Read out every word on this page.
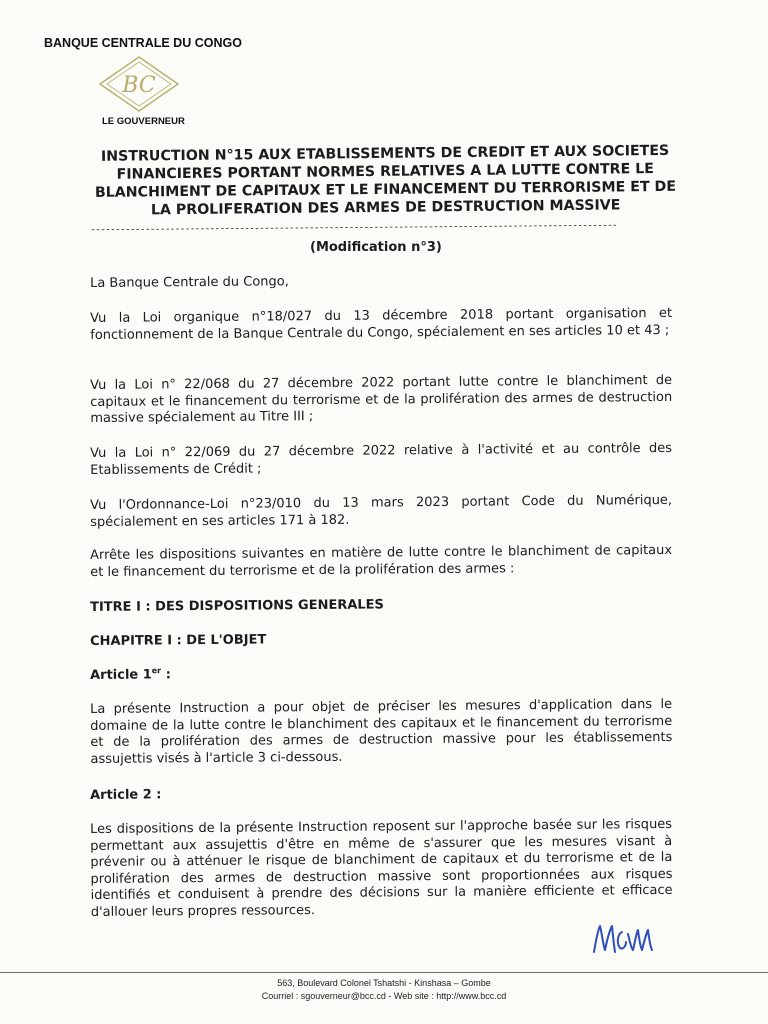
BANQUE CENTRALE DU CONGO
BC
LE GOUVERNEUR
INSTRUCTION N°15 AUX ETABLISSEMENTS DE CREDIT ET AUX SOCIETES FINANCIERES PORTANT NORMES RELATIVES A LA LUTTE CONTRE LE BLANCHIMENT DE CAPITAUX ET LE FINANCEMENT DU TERRORISME ET DE LA PROLIFERATION DES ARMES DE DESTRUCTION MASSIVE
----------------------------------------------------------------------------------------------------------
(Modification n°3)
La Banque Centrale du Congo,
Vu la Loi organique n°18/027 du 13 décembre 2018 portant organisation et fonctionnement de la Banque Centrale du Congo, spécialement en ses articles 10 et 43 ;
Vu la Loi n° 22/068 du 27 décembre 2022 portant lutte contre le blanchiment de capitaux et le financement du terrorisme et de la prolifération des armes de destruction massive spécialement au Titre III ;
Vu la Loi n° 22/069 du 27 décembre 2022 relative à l'activité et au contrôle des Etablissements de Crédit ;
Vu l'Ordonnance-Loi n°23/010 du 13 mars 2023 portant Code du Numérique, spécialement en ses articles 171 à 182.
Arrête les dispositions suivantes en matière de lutte contre le blanchiment de capitaux et le financement du terrorisme et de la prolifération des armes :
TITRE I : DES DISPOSITIONS GENERALES
CHAPITRE I : DE L'OBJET
Article 1er :
La présente Instruction a pour objet de préciser les mesures d'application dans le domaine de la lutte contre le blanchiment des capitaux et le financement du terrorisme et de la prolifération des armes de destruction massive pour les établissements assujettis visés à l'article 3 ci-dessous.
Article 2 :
Les dispositions de la présente Instruction reposent sur l'approche basée sur les risques permettant aux assujettis d'être en même de s'assurer que les mesures visant à prévenir ou à atténuer le risque de blanchiment de capitaux et du terrorisme et de la prolifération des armes de destruction massive sont proportionnées aux risques identifiés et conduisent à prendre des décisions sur la manière efficiente et efficace d'allouer leurs propres ressources.
563, Boulevard Colonel Tshatshi - Kinshasa – Gombe
Courriel : sgouverneur@bcc.cd - Web site : http://www.bcc.cd
